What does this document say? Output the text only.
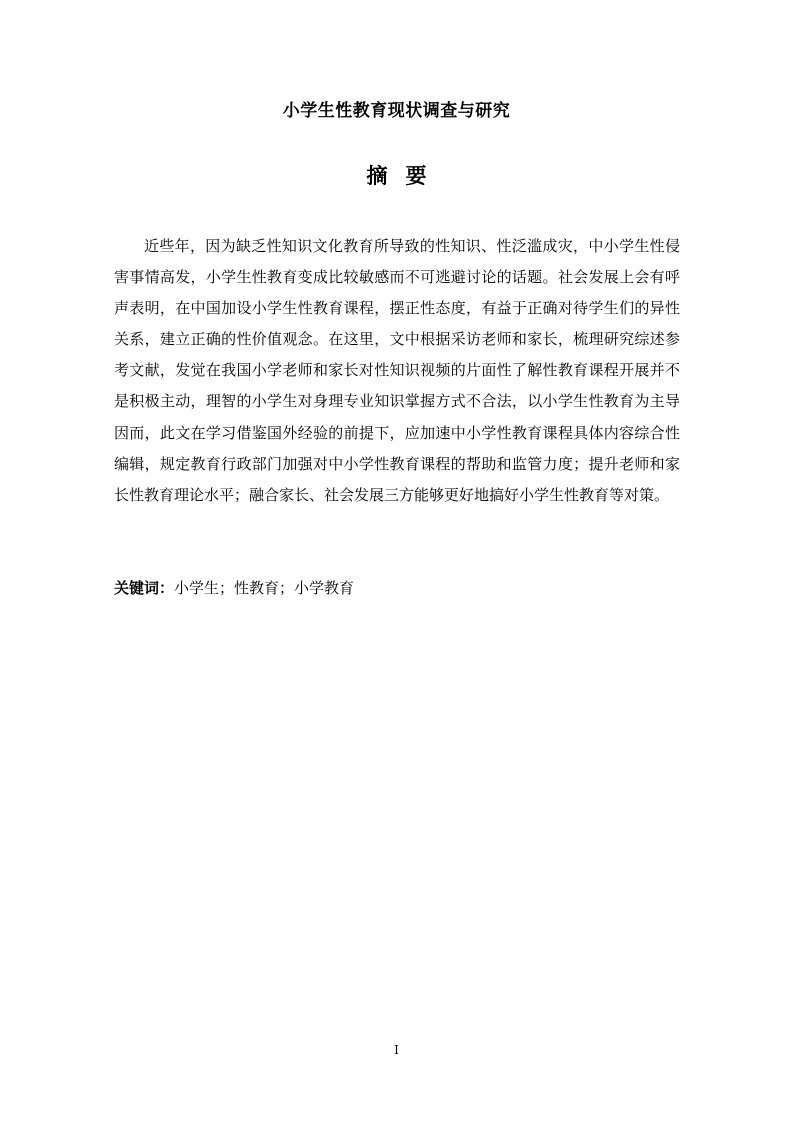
小学生性教育现状调查与研究
摘要

近些年，因为缺乏性知识文化教育所导致的性知识、性泛滥成灾，中小学生性侵害事情高发，小学生性教育变成比较敏感而不可逃避讨论的话题。社会发展上会有呼声表明，在中国加设小学生性教育课程，摆正性态度，有益于正确对待学生们的异性关系，建立正确的性价值观念。在这里，文中根据采访老师和家长，梳理研究综述参考文献，发觉在我国小学老师和家长对性知识视频的片面性了解性教育课程开展并不是积极主动，理智的小学生对身理专业知识掌握方式不合法，以小学生性教育为主导因而，此文在学习借鉴国外经验的前提下，应加速中小学性教育课程具体内容综合性编辑，规定教育行政部门加强对中小学性教育课程的帮助和监管力度；提升老师和家长性教育理论水平；融合家长、社会发展三方能够更好地搞好小学生性教育等对策。

关键词：小学生；性教育；小学教育

I
